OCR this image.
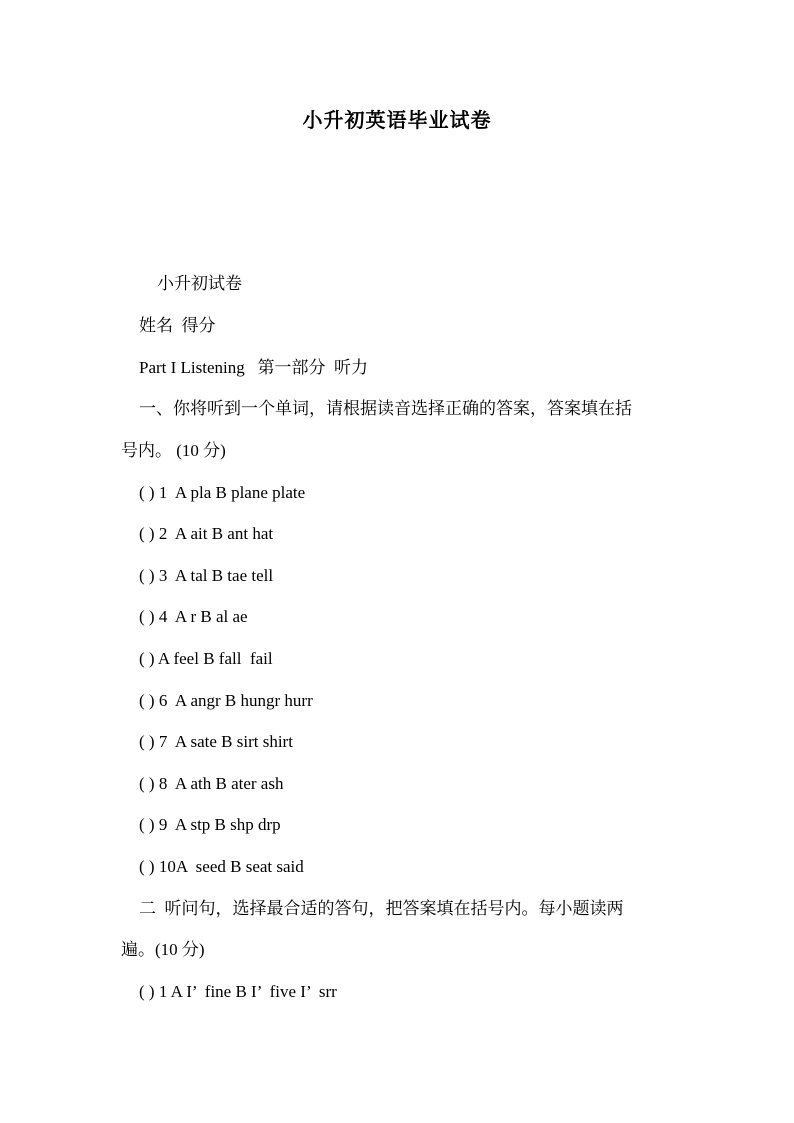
小升初英语毕业试卷

小升初试卷

姓名  得分

Part I Listening   第一部分  听力

一、你将听到一个单词，请根据读音选择正确的答案，答案填在括

号内。 (10 分)

( ) 1  A pla B plane plate

( ) 2  A ait B ant hat

( ) 3  A tal B tae tell

( ) 4  A r B al ae

( ) A feel B fall  fail

( ) 6  A angr B hungr hurr

( ) 7  A sate B sirt shirt

( ) 8  A ath B ater ash

( ) 9  A stp B shp drp

( ) 10A  seed B seat said

二  听问句，选择最合适的答句，把答案填在括号内。每小题读两

遍。(10 分)

( ) 1 A I’  fine B I’  five I’  srr
